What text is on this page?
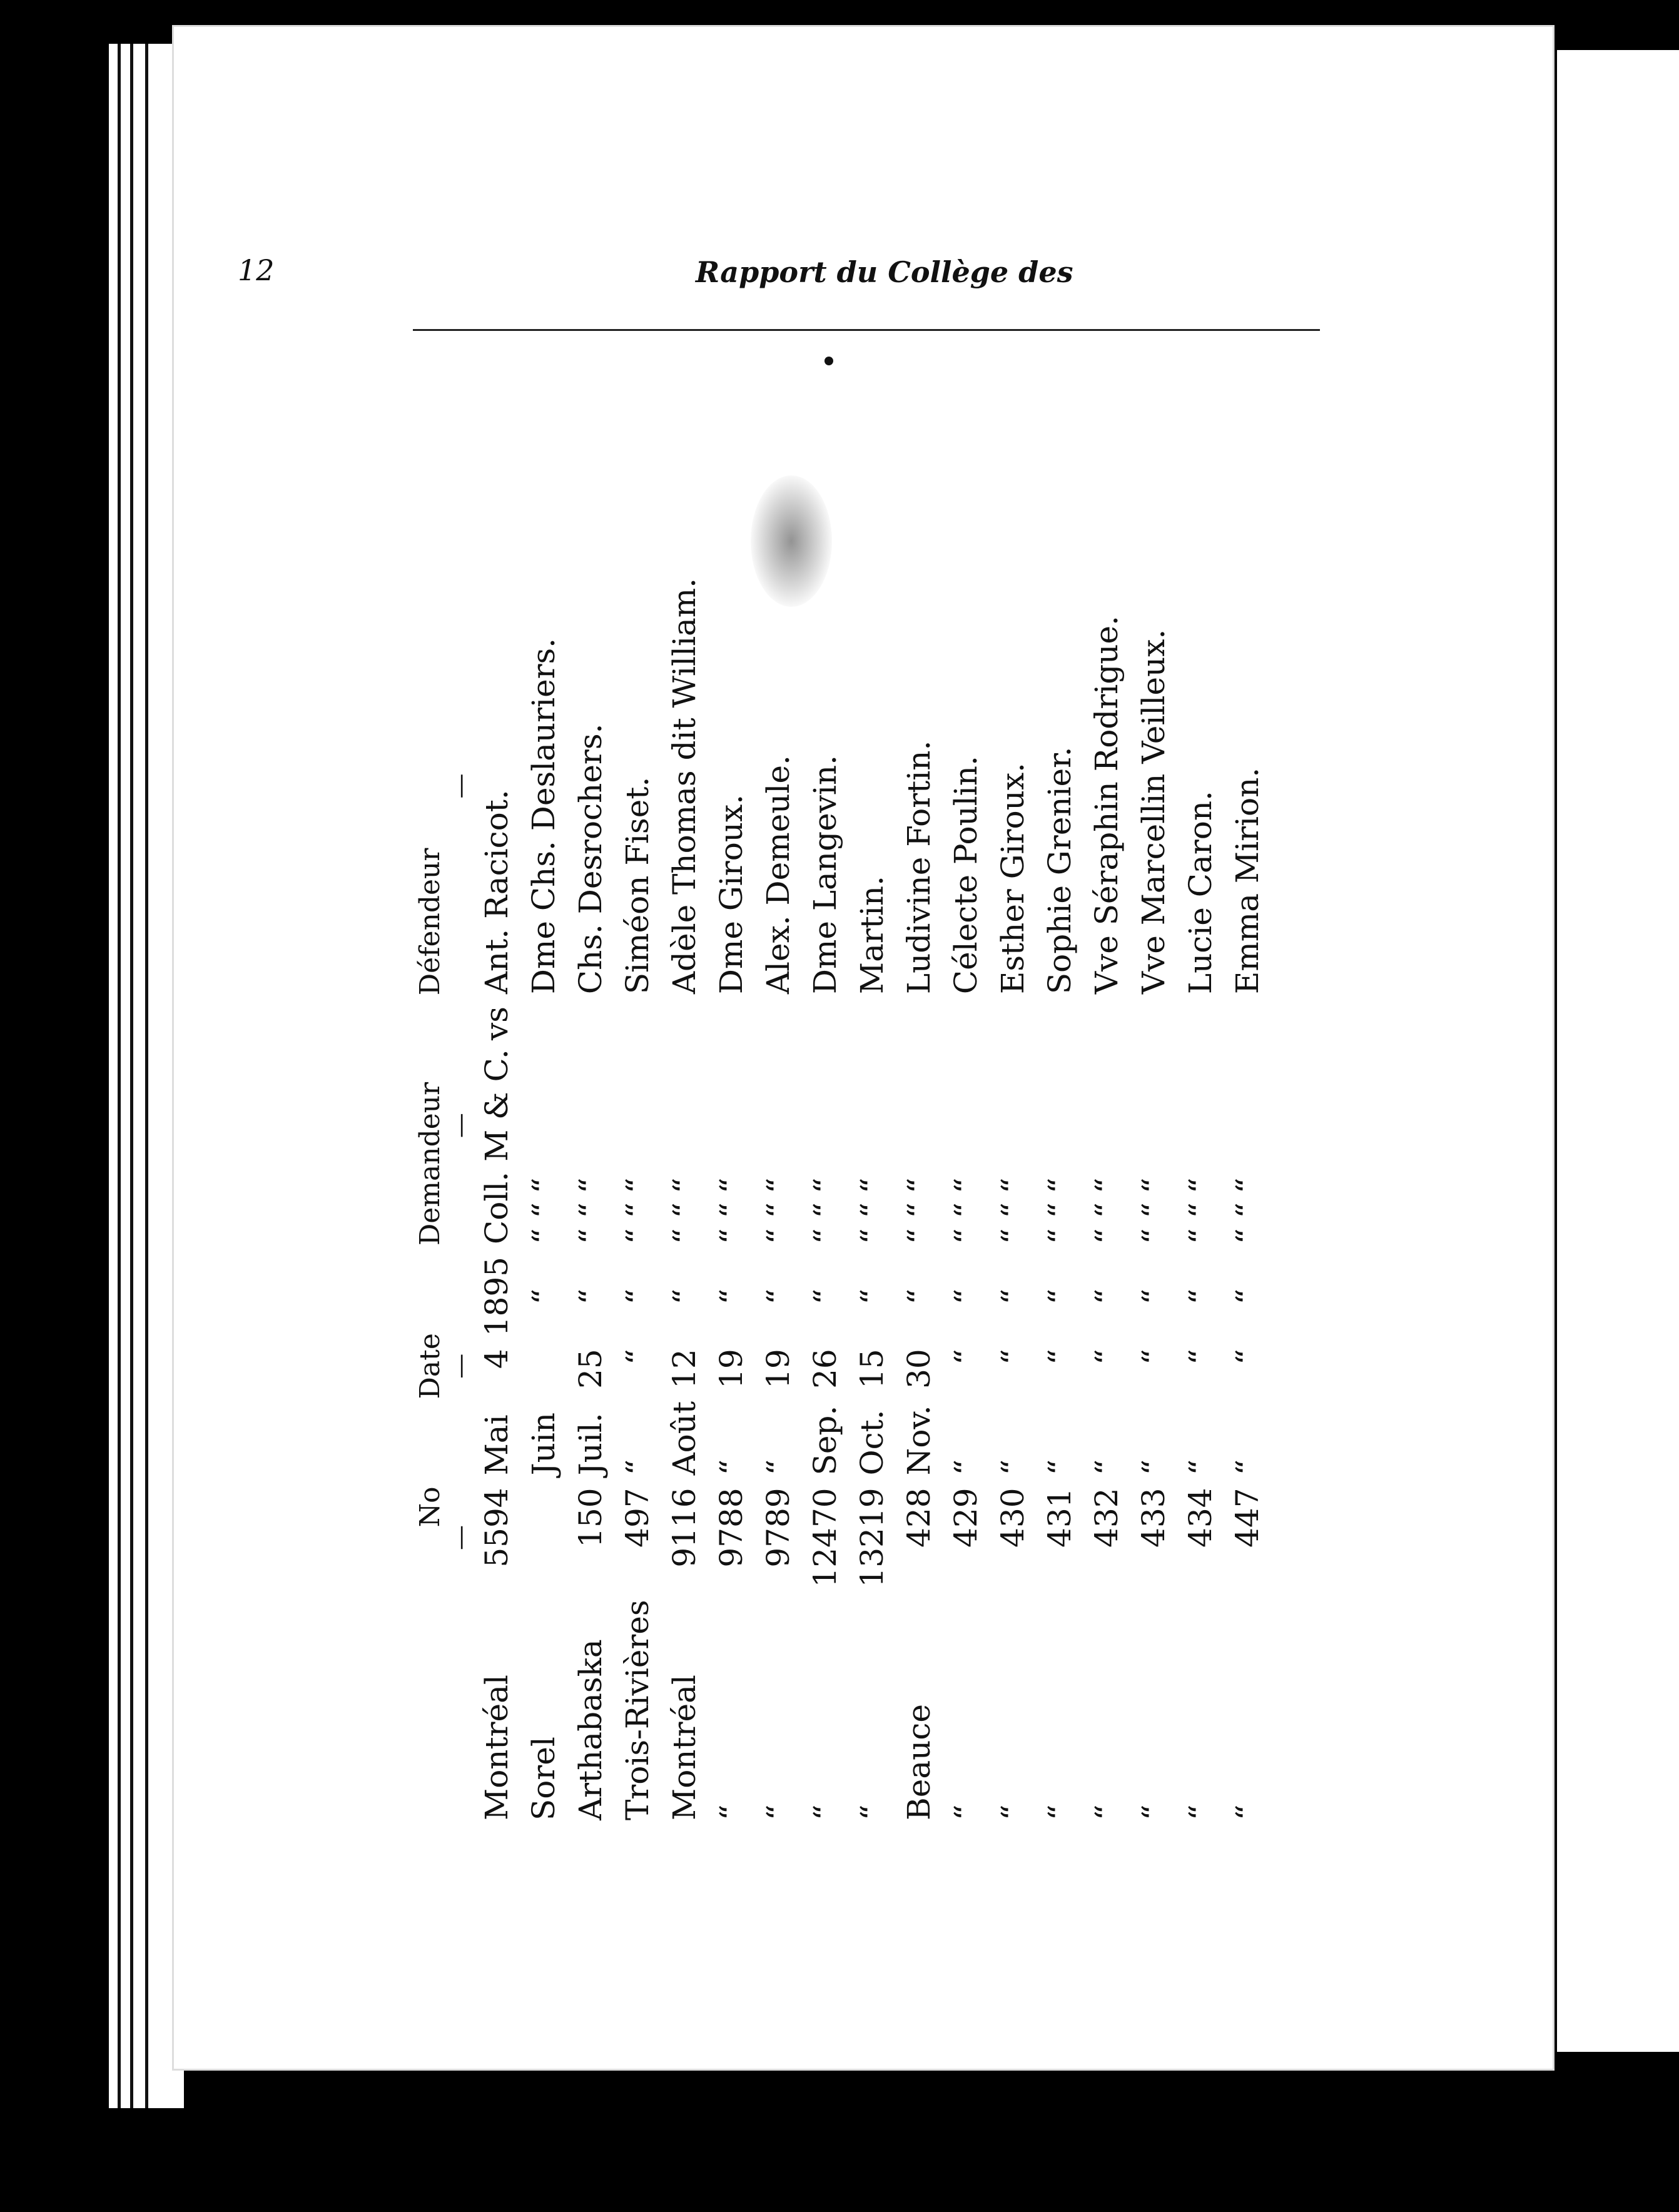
12	Rapport du Collège des
	No	Date			Demandeur	Défendeur
	—	—			—	—
Montréal	5594	Mai	4	1895	Coll. M & C.vs	Ant. Racicot.
Sorel		Juin		“	“ ““	Dme Chs. Deslauriers.
Arthabaska	150	Juil.	25	“	“ ““	Chs. Desrochers.
Trois-Rivières	497	“	“	“	“ ““	Siméon Fiset.
Montréal	9116	Août	12	“	“ ““	Adèle Thomas dit William.
“	9788	“	19	“	“ ““	Dme Giroux.
“	9789	“	19	“	“ ““	Alex. Demeule.
“	12470	Sep.	26	“	“ ““	Dme Langevin.
“	13219	Oct.	15	“	“ ““	Martin.
Beauce	428	Nov.	30	“	“ ““	Ludivine Fortin.
“	429	“	“	“	“ ““	Célecte Poulin.
“	430	“	“	“	“ ““	Esther Giroux.
“	431	“	“	“	“ ““	Sophie Grenier.
“	432	“	“	“	“ ““	Vve Séraphin Rodrigue.
“	433	“	“	“	“ ““	Vve Marcellin Veilleux.
“	434	“	“	“	“ ““	Lucie Caron.
“	447	“	“	“	“ ““	Emma Mirion.
